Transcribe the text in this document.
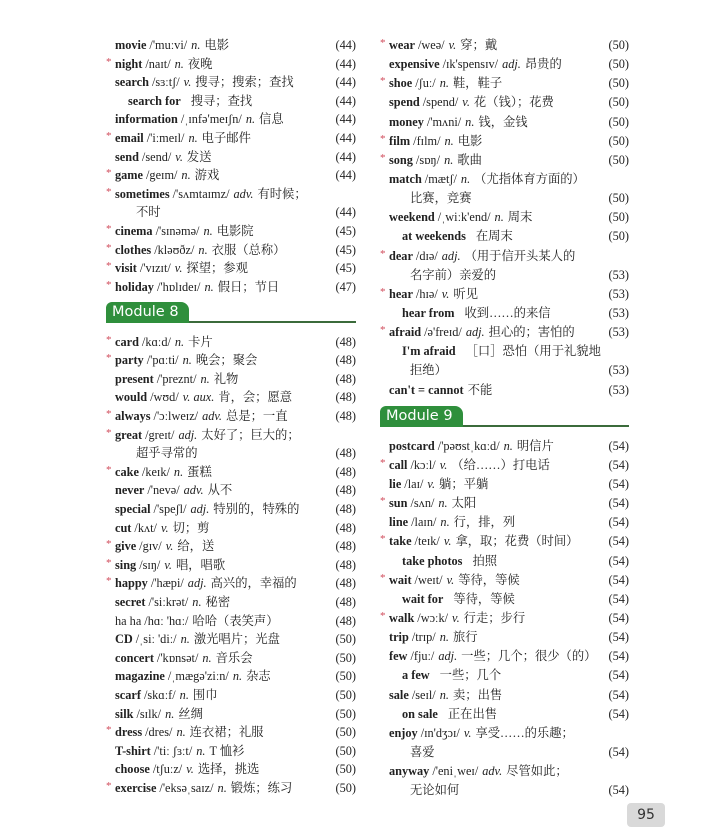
movie /'muːvi/ n. 电影	(44)
* night /naɪt/ n. 夜晚	(44)
search /sɜːtʃ/ v. 搜寻；搜索；查找	(44)
search for 搜寻；查找	(44)
information /ˌɪnfə'meɪʃn/ n. 信息	(44)
* email /'iːmeɪl/ n. 电子邮件	(44)
send /send/ v. 发送	(44)
* game /geɪm/ n. 游戏	(44)
* sometimes /'sʌmtaɪmz/ adv. 有时候；
不时	(44)
* cinema /'sɪnəmə/ n. 电影院	(45)
* clothes /kləʊðz/ n. 衣服（总称）	(45)
* visit /'vɪzɪt/ v. 探望；参观	(45)
* holiday /'hɒlɪdeɪ/ n. 假日；节日	(47)
Module 8
* card /kɑːd/ n. 卡片	(48)
* party /'pɑːti/ n. 晚会；聚会	(48)
present /'preznt/ n. 礼物	(48)
would /wʊd/ v. aux. 肯，会；愿意	(48)
* always /'ɔːlweɪz/ adv. 总是；一直	(48)
* great /greɪt/ adj. 太好了；巨大的；
超乎寻常的	(48)
* cake /keɪk/ n. 蛋糕	(48)
never /'nevə/ adv. 从不	(48)
special /'speʃl/ adj. 特别的，特殊的	(48)
cut /kʌt/ v. 切；剪	(48)
* give /gɪv/ v. 给，送	(48)
* sing /sɪŋ/ v. 唱，唱歌	(48)
* happy /'hæpi/ adj. 高兴的，幸福的	(48)
secret /'siːkrət/ n. 秘密	(48)
ha ha /hɑː 'hɑː/ 哈哈（表笑声）	(48)
CD /ˌsiː 'diː/ n. 激光唱片；光盘	(50)
concert /'kɒnsət/ n. 音乐会	(50)
magazine /ˌmægə'ziːn/ n. 杂志	(50)
scarf /skɑːf/ n. 围巾	(50)
silk /sɪlk/ n. 丝绸	(50)
* dress /dres/ n. 连衣裙；礼服	(50)
T-shirt /'tiː ʃɜːt/ n. T 恤衫	(50)
choose /tʃuːz/ v. 选择，挑选	(50)
* exercise /'eksəˌsaɪz/ n. 锻炼；练习	(50)
* wear /weə/ v. 穿；戴	(50)
expensive /ɪk'spensɪv/ adj. 昂贵的	(50)
* shoe /ʃuː/ n. 鞋，鞋子	(50)
spend /spend/ v. 花（钱）；花费	(50)
money /'mʌni/ n. 钱，金钱	(50)
* film /fɪlm/ n. 电影	(50)
* song /sɒŋ/ n. 歌曲	(50)
match /mætʃ/ n. （尤指体育方面的）
比赛，竞赛	(50)
weekend /ˌwiːk'end/ n. 周末	(50)
at weekends 在周末	(50)
* dear /dɪə/ adj. （用于信开头某人的
名字前）亲爱的	(53)
* hear /hɪə/ v. 听见	(53)
hear from 收到……的来信	(53)
* afraid /ə'freɪd/ adj. 担心的；害怕的	(53)
I'm afraid ［口］恐怕（用于礼貌地
拒绝）	(53)
can't = cannot 不能	(53)
Module 9
postcard /'pəʊstˌkɑːd/ n. 明信片	(54)
* call /kɔːl/ v. （给……）打电话	(54)
lie /laɪ/ v. 躺；平躺	(54)
* sun /sʌn/ n. 太阳	(54)
line /laɪn/ n. 行，排，列	(54)
* take /teɪk/ v. 拿，取；花费（时间） (54)
take photos 拍照	(54)
* wait /weɪt/ v. 等待，等候	(54)
wait for 等待，等候	(54)
* walk /wɔːk/ v. 行走；步行	(54)
trip /trɪp/ n. 旅行	(54)
few /fjuː/ adj. 一些；几个；很少（的） (54)
a few 一些；几个	(54)
sale /seɪl/ n. 卖；出售	(54)
on sale 正在出售	(54)
enjoy /ɪn'dʒɔɪ/ v. 享受……的乐趣；
喜爱	(54)
anyway /'eniˌweɪ/ adv. 尽管如此；
无论如何	(54)
95
